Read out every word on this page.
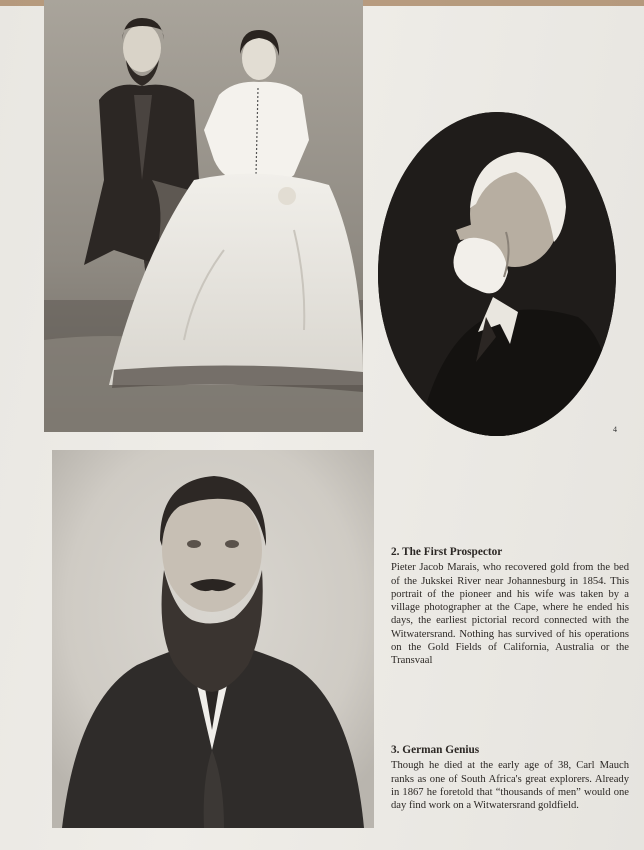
4
2. The First Prospector

Pieter Jacob Marais, who recovered gold from the bed of the Jukskei River near Johannesburg in 1854. This portrait of the pioneer and his wife was taken by a village photographer at the Cape, where he ended his days, the earliest pictorial record connected with the Witwatersrand. Nothing has survived of his operations on the Gold Fields of California, Australia or the Transvaal

3. German Genius

Though he died at the early age of 38, Carl Mauch ranks as one of South Africa's great explorers. Already in 1867 he foretold that “thousands of men” would one day find work on a Witwatersrand goldfield.
